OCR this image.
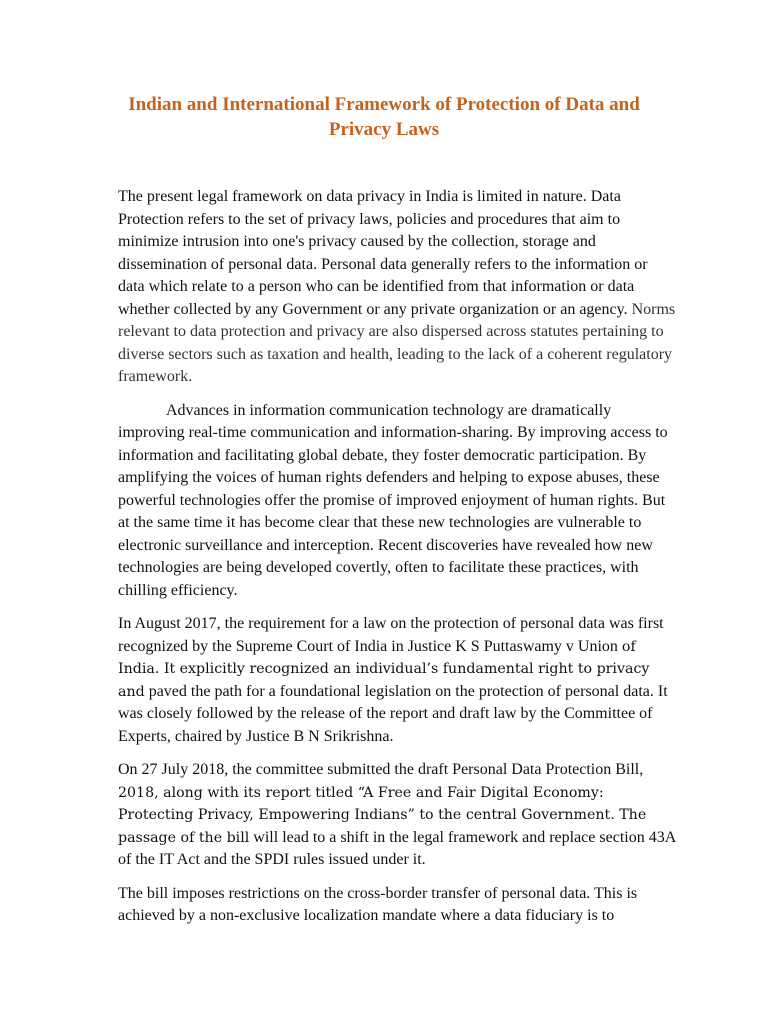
Indian and International Framework of Protection of Data and Privacy Laws

The present legal framework on data privacy in India is limited in nature. Data Protection refers to the set of privacy laws, policies and procedures that aim to minimize intrusion into one's privacy caused by the collection, storage and dissemination of personal data. Personal data generally refers to the information or data which relate to a person who can be identified from that information or data whether collected by any Government or any private organization or an agency. Norms relevant to data protection and privacy are also dispersed across statutes pertaining to diverse sectors such as taxation and health, leading to the lack of a coherent regulatory framework.

Advances in information communication technology are dramatically improving real-time communication and information-sharing. By improving access to information and facilitating global debate, they foster democratic participation. By amplifying the voices of human rights defenders and helping to expose abuses, these powerful technologies offer the promise of improved enjoyment of human rights. But at the same time it has become clear that these new technologies are vulnerable to electronic surveillance and interception. Recent discoveries have revealed how new technologies are being developed covertly, often to facilitate these practices, with chilling efficiency.

In August 2017, the requirement for a law on the protection of personal data was first recognized by the Supreme Court of India in Justice K S Puttaswamy v Union of India. It explicitly recognized an individual’s fundamental right to privacy and paved the path for a foundational legislation on the protection of personal data. It was closely followed by the release of the report and draft law by the Committee of Experts, chaired by Justice B N Srikrishna.

On 27 July 2018, the committee submitted the draft Personal Data Protection Bill, 2018, along with its report titled “A Free and Fair Digital Economy: Protecting Privacy, Empowering Indians” to the central Government. The passage of the bill will lead to a shift in the legal framework and replace section 43A of the IT Act and the SPDI rules issued under it.

The bill imposes restrictions on the cross-border transfer of personal data. This is achieved by a non-exclusive localization mandate where a data fiduciary is to
